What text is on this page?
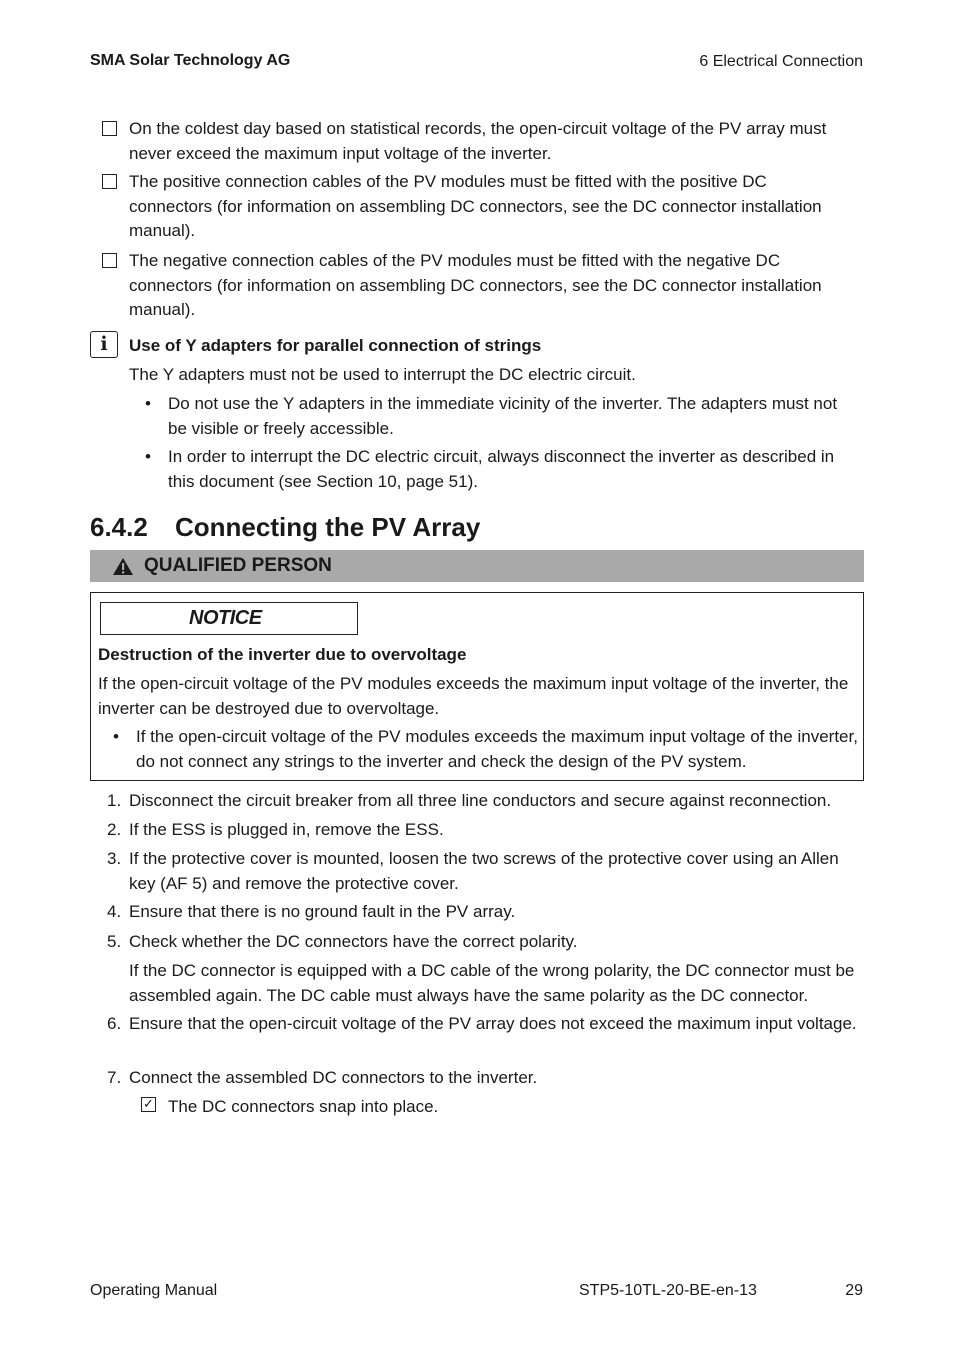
SMA Solar Technology AG	6 Electrical Connection
On the coldest day based on statistical records, the open-circuit voltage of the PV array must never exceed the maximum input voltage of the inverter.
The positive connection cables of the PV modules must be fitted with the positive DC connectors (for information on assembling DC connectors, see the DC connector installation manual).
The negative connection cables of the PV modules must be fitted with the negative DC connectors (for information on assembling DC connectors, see the DC connector installation manual).
i	Use of Y adapters for parallel connection of strings
The Y adapters must not be used to interrupt the DC electric circuit.
• Do not use the Y adapters in the immediate vicinity of the inverter. The adapters must not be visible or freely accessible.
• In order to interrupt the DC electric circuit, always disconnect the inverter as described in this document (see Section 10, page 51).
6.4.2 Connecting the PV Array
QUALIFIED PERSON
NOTICE
Destruction of the inverter due to overvoltage
If the open-circuit voltage of the PV modules exceeds the maximum input voltage of the inverter, the inverter can be destroyed due to overvoltage.
• If the open-circuit voltage of the PV modules exceeds the maximum input voltage of the inverter, do not connect any strings to the inverter and check the design of the PV system.
1. Disconnect the circuit breaker from all three line conductors and secure against reconnection.
2. If the ESS is plugged in, remove the ESS.
3. If the protective cover is mounted, loosen the two screws of the protective cover using an Allen key (AF 5) and remove the protective cover.
4. Ensure that there is no ground fault in the PV array.
5. Check whether the DC connectors have the correct polarity.
If the DC connector is equipped with a DC cable of the wrong polarity, the DC connector must be assembled again. The DC cable must always have the same polarity as the DC connector.
6. Ensure that the open-circuit voltage of the PV array does not exceed the maximum input voltage.
7. Connect the assembled DC connectors to the inverter.
✓ The DC connectors snap into place.
Operating Manual	STP5-10TL-20-BE-en-13	29
